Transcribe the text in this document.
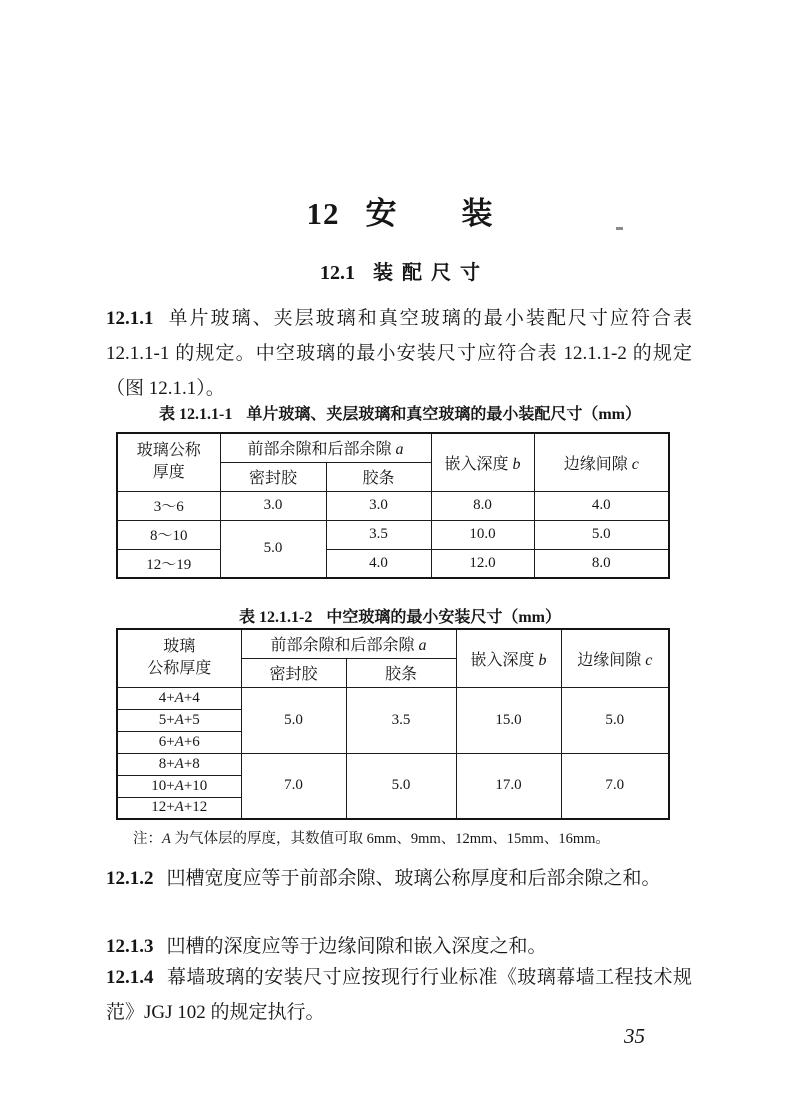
12 安　　装
12.1 装配尺寸

12.1.1 单片玻璃、夹层玻璃和真空玻璃的最小装配尺寸应符合表 12.1.1-1 的规定。中空玻璃的最小安装尺寸应符合表 12.1.1-2 的规定（图 12.1.1）。

表 12.1.1-1 单片玻璃、夹层玻璃和真空玻璃的最小装配尺寸（mm）
玻璃公称
厚度	前部余隙和后部余隙 a		嵌入深度 b	边缘间隙 c
	密封胶	胶条		
3～6	3.0	3.0	8.0	4.0
8～10	5.0	3.5	10.0	5.0
12～19		4.0	12.0	8.0
表 12.1.1-2 中空玻璃的最小安装尺寸（mm）
玻璃
公称厚度	前部余隙和后部余隙 a		嵌入深度 b	边缘间隙 c
	密封胶	胶条		
4+A+4	5.0	3.5	15.0	5.0
5+A+5				
6+A+6				
8+A+8	7.0	5.0	17.0	7.0
10+A+10				
12+A+12				
注：A 为气体层的厚度，其数值可取 6mm、9mm、12mm、15mm、16mm。

12.1.2 凹槽宽度应等于前部余隙、玻璃公称厚度和后部余隙之和。

12.1.3 凹槽的深度应等于边缘间隙和嵌入深度之和。

12.1.4 幕墙玻璃的安装尺寸应按现行行业标准《玻璃幕墙工程技术规范》JGJ 102 的规定执行。

35
